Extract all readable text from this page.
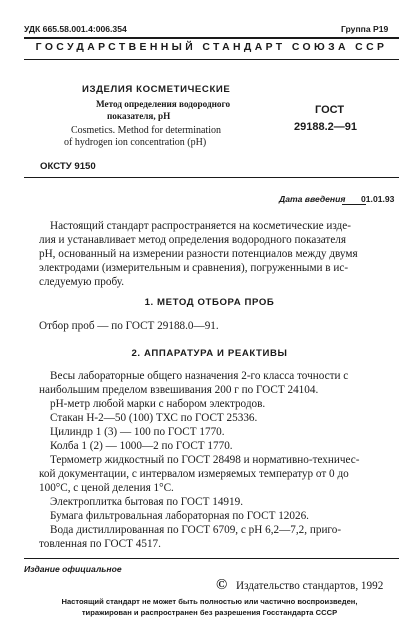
УДК 665.58.001.4:006.354	Группа Р19
ГОСУДАРСТВЕННЫЙ СТАНДАРТ СОЮЗА ССР
ИЗДЕЛИЯ КОСМЕТИЧЕСКИЕ
Метод определения водородного
показателя, рН
Cosmetics. Method for determination
of hydrogen ion concentration (pH)
ГОСТ
29188.2—91
ОКСТУ 9150
Дата введения 01.01.93
Настоящий стандарт распространяется на косметические изде-
лия и устанавливает метод определения водородного показателя
pH, основанный на измерении разности потенциалов между двумя
электродами (измерительным и сравнения), погруженными в ис-
следуемую пробу.
1. МЕТОД ОТБОРА ПРОБ
Отбор проб — по ГОСТ 29188.0—91.
2. АППАРАТУРА И РЕАКТИВЫ
Весы лабораторные общего назначения 2-го класса точности с
наибольшим пределом взвешивания 200 г по ГОСТ 24104.
рН-метр любой марки с набором электродов.
Стакан Н-2—50 (100) ТХС по ГОСТ 25336.
Цилиндр 1 (3) — 100 по ГОСТ 1770.
Колба 1 (2) — 1000—2 по ГОСТ 1770.
Термометр жидкостный по ГОСТ 28498 и нормативно-техничес-
кой документации, с интервалом измеряемых температур от 0 до
100°С, с ценой деления 1°С.
Электроплитка бытовая по ГОСТ 14919.
Бумага фильтровальная лабораторная по ГОСТ 12026.
Вода дистиллированная по ГОСТ 6709, с рН 6,2—7,2, приго-
товленная по ГОСТ 4517.
Издание официальное
© Издательство стандартов, 1992
Настоящий стандарт не может быть полностью или частично воспроизведен,
тиражирован и распространен без разрешения Госстандарта СССР
